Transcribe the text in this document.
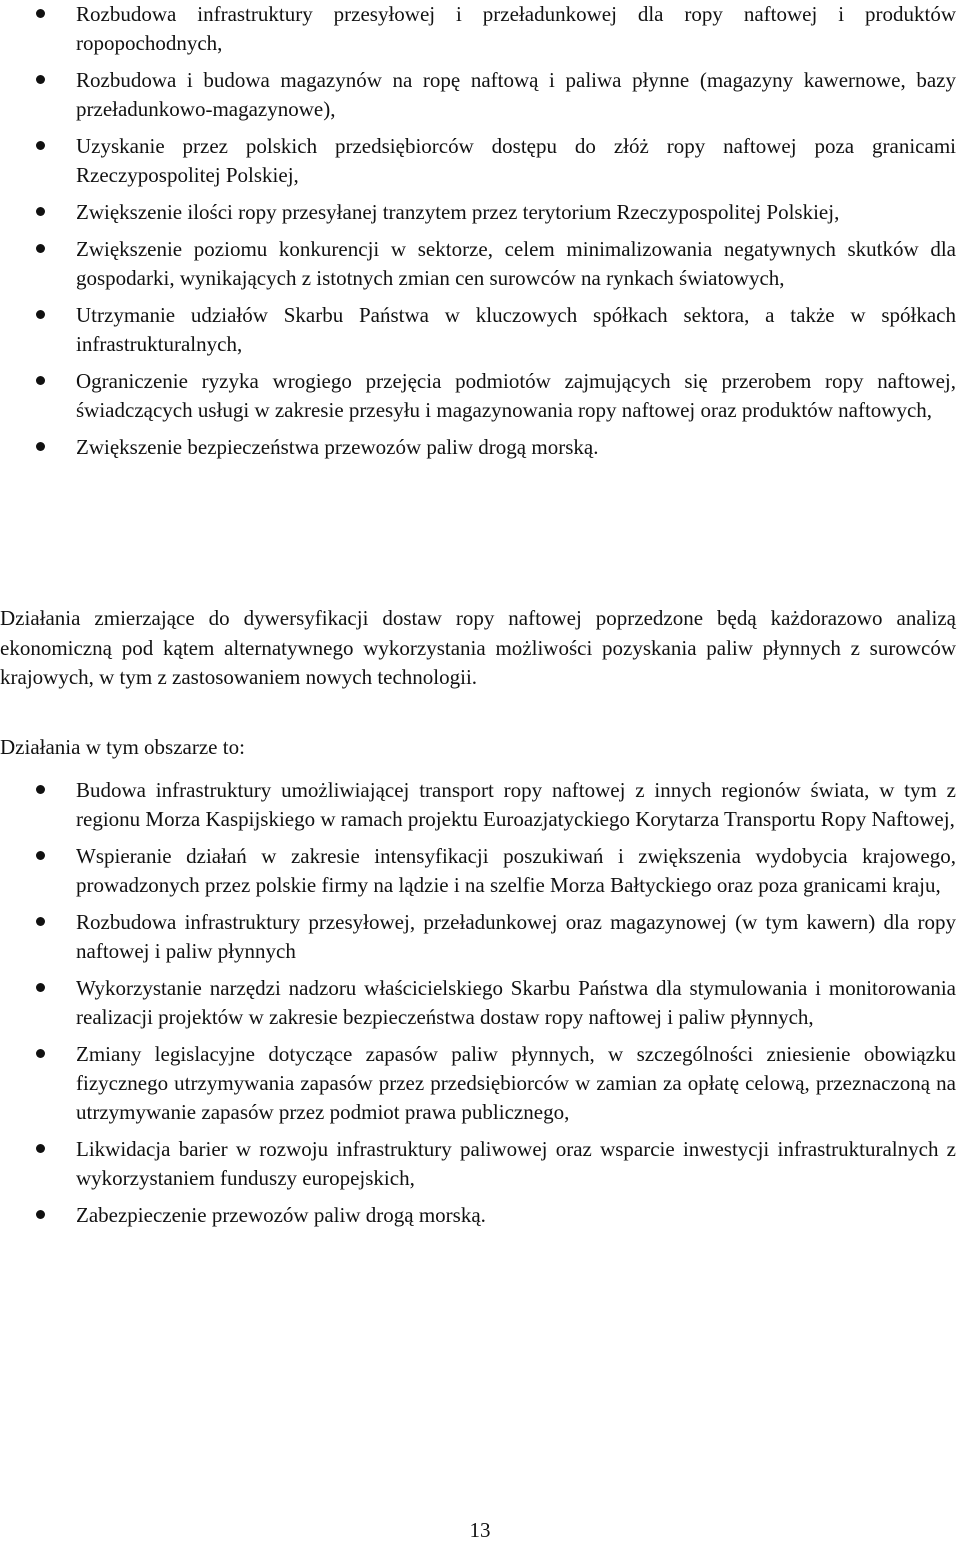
Rozbudowa infrastruktury przesyłowej i przeładunkowej dla ropy naftowej i produktów ropopochodnych,
Rozbudowa i budowa magazynów na ropę naftową i paliwa płynne (magazyny kawernowe, bazy przeładunkowo-magazynowe),
Uzyskanie przez polskich przedsiębiorców dostępu do złóż ropy naftowej poza granicami Rzeczypospolitej Polskiej,
Zwiększenie ilości ropy przesyłanej tranzytem przez terytorium Rzeczypospolitej Polskiej,
Zwiększenie poziomu konkurencji w sektorze, celem minimalizowania negatywnych skutków dla gospodarki, wynikających z istotnych zmian cen surowców na rynkach światowych,
Utrzymanie udziałów Skarbu Państwa w kluczowych spółkach sektora, a także w spółkach infrastrukturalnych,
Ograniczenie ryzyka wrogiego przejęcia podmiotów zajmujących się przerobem ropy naftowej, świadczących usługi w zakresie przesyłu i magazynowania ropy naftowej oraz produktów naftowych,
Zwiększenie bezpieczeństwa przewozów paliw drogą morską.

Działania zmierzające do dywersyfikacji dostaw ropy naftowej poprzedzone będą każdorazowo analizą ekonomiczną pod kątem alternatywnego wykorzystania możliwości pozyskania paliw płynnych z surowców krajowych, w tym z zastosowaniem nowych technologii.

Działania w tym obszarze to:

Budowa infrastruktury umożliwiającej transport ropy naftowej z innych regionów świata, w tym z regionu Morza Kaspijskiego w ramach projektu Euroazjatyckiego Korytarza Transportu Ropy Naftowej,
Wspieranie działań w zakresie intensyfikacji poszukiwań i zwiększenia wydobycia krajowego, prowadzonych przez polskie firmy na lądzie i na szelfie Morza Bałtyckiego oraz poza granicami kraju,
Rozbudowa infrastruktury przesyłowej, przeładunkowej oraz magazynowej (w tym kawern) dla ropy naftowej i paliw płynnych
Wykorzystanie narzędzi nadzoru właścicielskiego Skarbu Państwa dla stymulowania i monitorowania realizacji projektów w zakresie bezpieczeństwa dostaw ropy naftowej i paliw płynnych,
Zmiany legislacyjne dotyczące zapasów paliw płynnych, w szczególności zniesienie obowiązku fizycznego utrzymywania zapasów przez przedsiębiorców w zamian za opłatę celową, przeznaczoną na utrzymywanie zapasów przez podmiot prawa publicznego,
Likwidacja barier w rozwoju infrastruktury paliwowej oraz wsparcie inwestycji infrastrukturalnych z wykorzystaniem funduszy europejskich,
Zabezpieczenie przewozów paliw drogą morską.
13
